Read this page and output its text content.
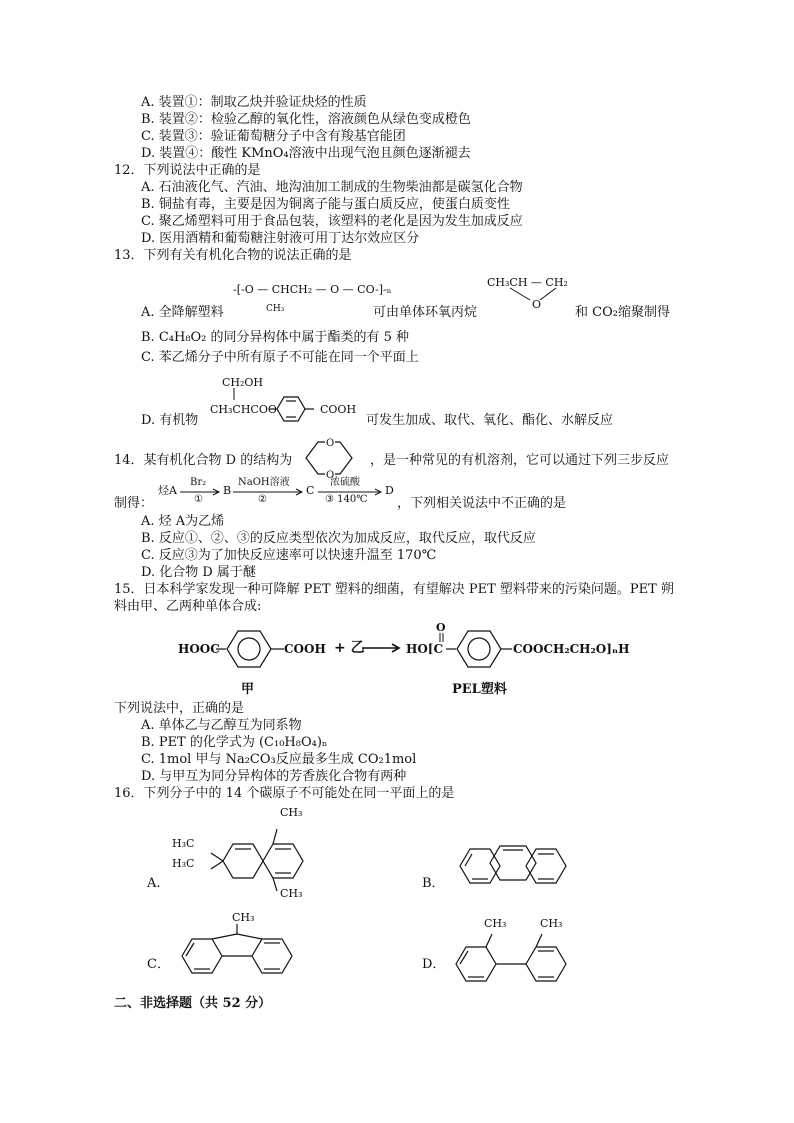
A. 装置①：制取乙炔并验证炔烃的性质
B. 装置②：检验乙醇的氧化性，溶液颜色从绿色变成橙色
C. 装置③：验证葡萄糖分子中含有羧基官能团
D. 装置④：酸性 KMnO₄溶液中出现气泡且颜色逐渐褪去
12．下列说法中正确的是
A. 石油液化气、汽油、地沟油加工制成的生物柴油都是碳氢化合物
B. 铜盐有毒，主要是因为铜离子能与蛋白质反应，使蛋白质变性
C. 聚乙烯塑料可用于食品包装，该塑料的老化是因为发生加成反应
D. 医用酒精和葡萄糖注射液可用丁达尔效应区分
13．下列有关有机化合物的说法正确的是
-[-O — CHCH₂ — O — CO-]-ₙ
CH₃
CH₃CH — CH₂
O
A. 全降解塑料	可由单体环氧丙烷	和 CO₂缩聚制得
B. C₄H₈O₂ 的同分异构体中属于酯类的有 5 种
C. 苯乙烯分子中所有原子不可能在同一个平面上
CH₂OH
CH₃CHCOO	COOH
D. 有机物	可发生加成、取代、氧化、酯化、水解反应
14．某有机化合物 D 的结构为
O
O
，是一种常见的有机溶剂，它可以通过下列三步反应
制得：
烃A
Br₂
①
B
NaOH溶液
②
C
浓硫酸
③ 140℃
D
，下列相关说法中不正确的是
A. 烃 A为乙烯
B. 反应①、②、③的反应类型依次为加成反应，取代反应，取代反应
C. 反应③为了加快反应速率可以快速升温至 170℃
D. 化合物 D 属于醚
15．日本科学家发现一种可降解 PET 塑料的细菌，有望解决 PET 塑料带来的污染问题。PET 朔
料由甲、乙两种单体合成:
HOOC	COOH + 乙	HO[C
O
COOCH₂CH₂O]ₙH
甲	PEL塑料
下列说法中，正确的是
A. 单体乙与乙醇互为同系物
B. PET 的化学式为 (C₁₀H₈O₄)ₙ
C. 1mol 甲与 Na₂CO₃反应最多生成 CO₂1mol
D. 与甲互为同分异构体的芳香族化合物有两种
16．下列分子中的 14 个碳原子不可能处在同一平面上的是
A.
CH₃
H₃C
H₃C
CH₃
B．
C．
CH₃
D．
CH₃	CH₃
二、非选择题（共 52 分）
